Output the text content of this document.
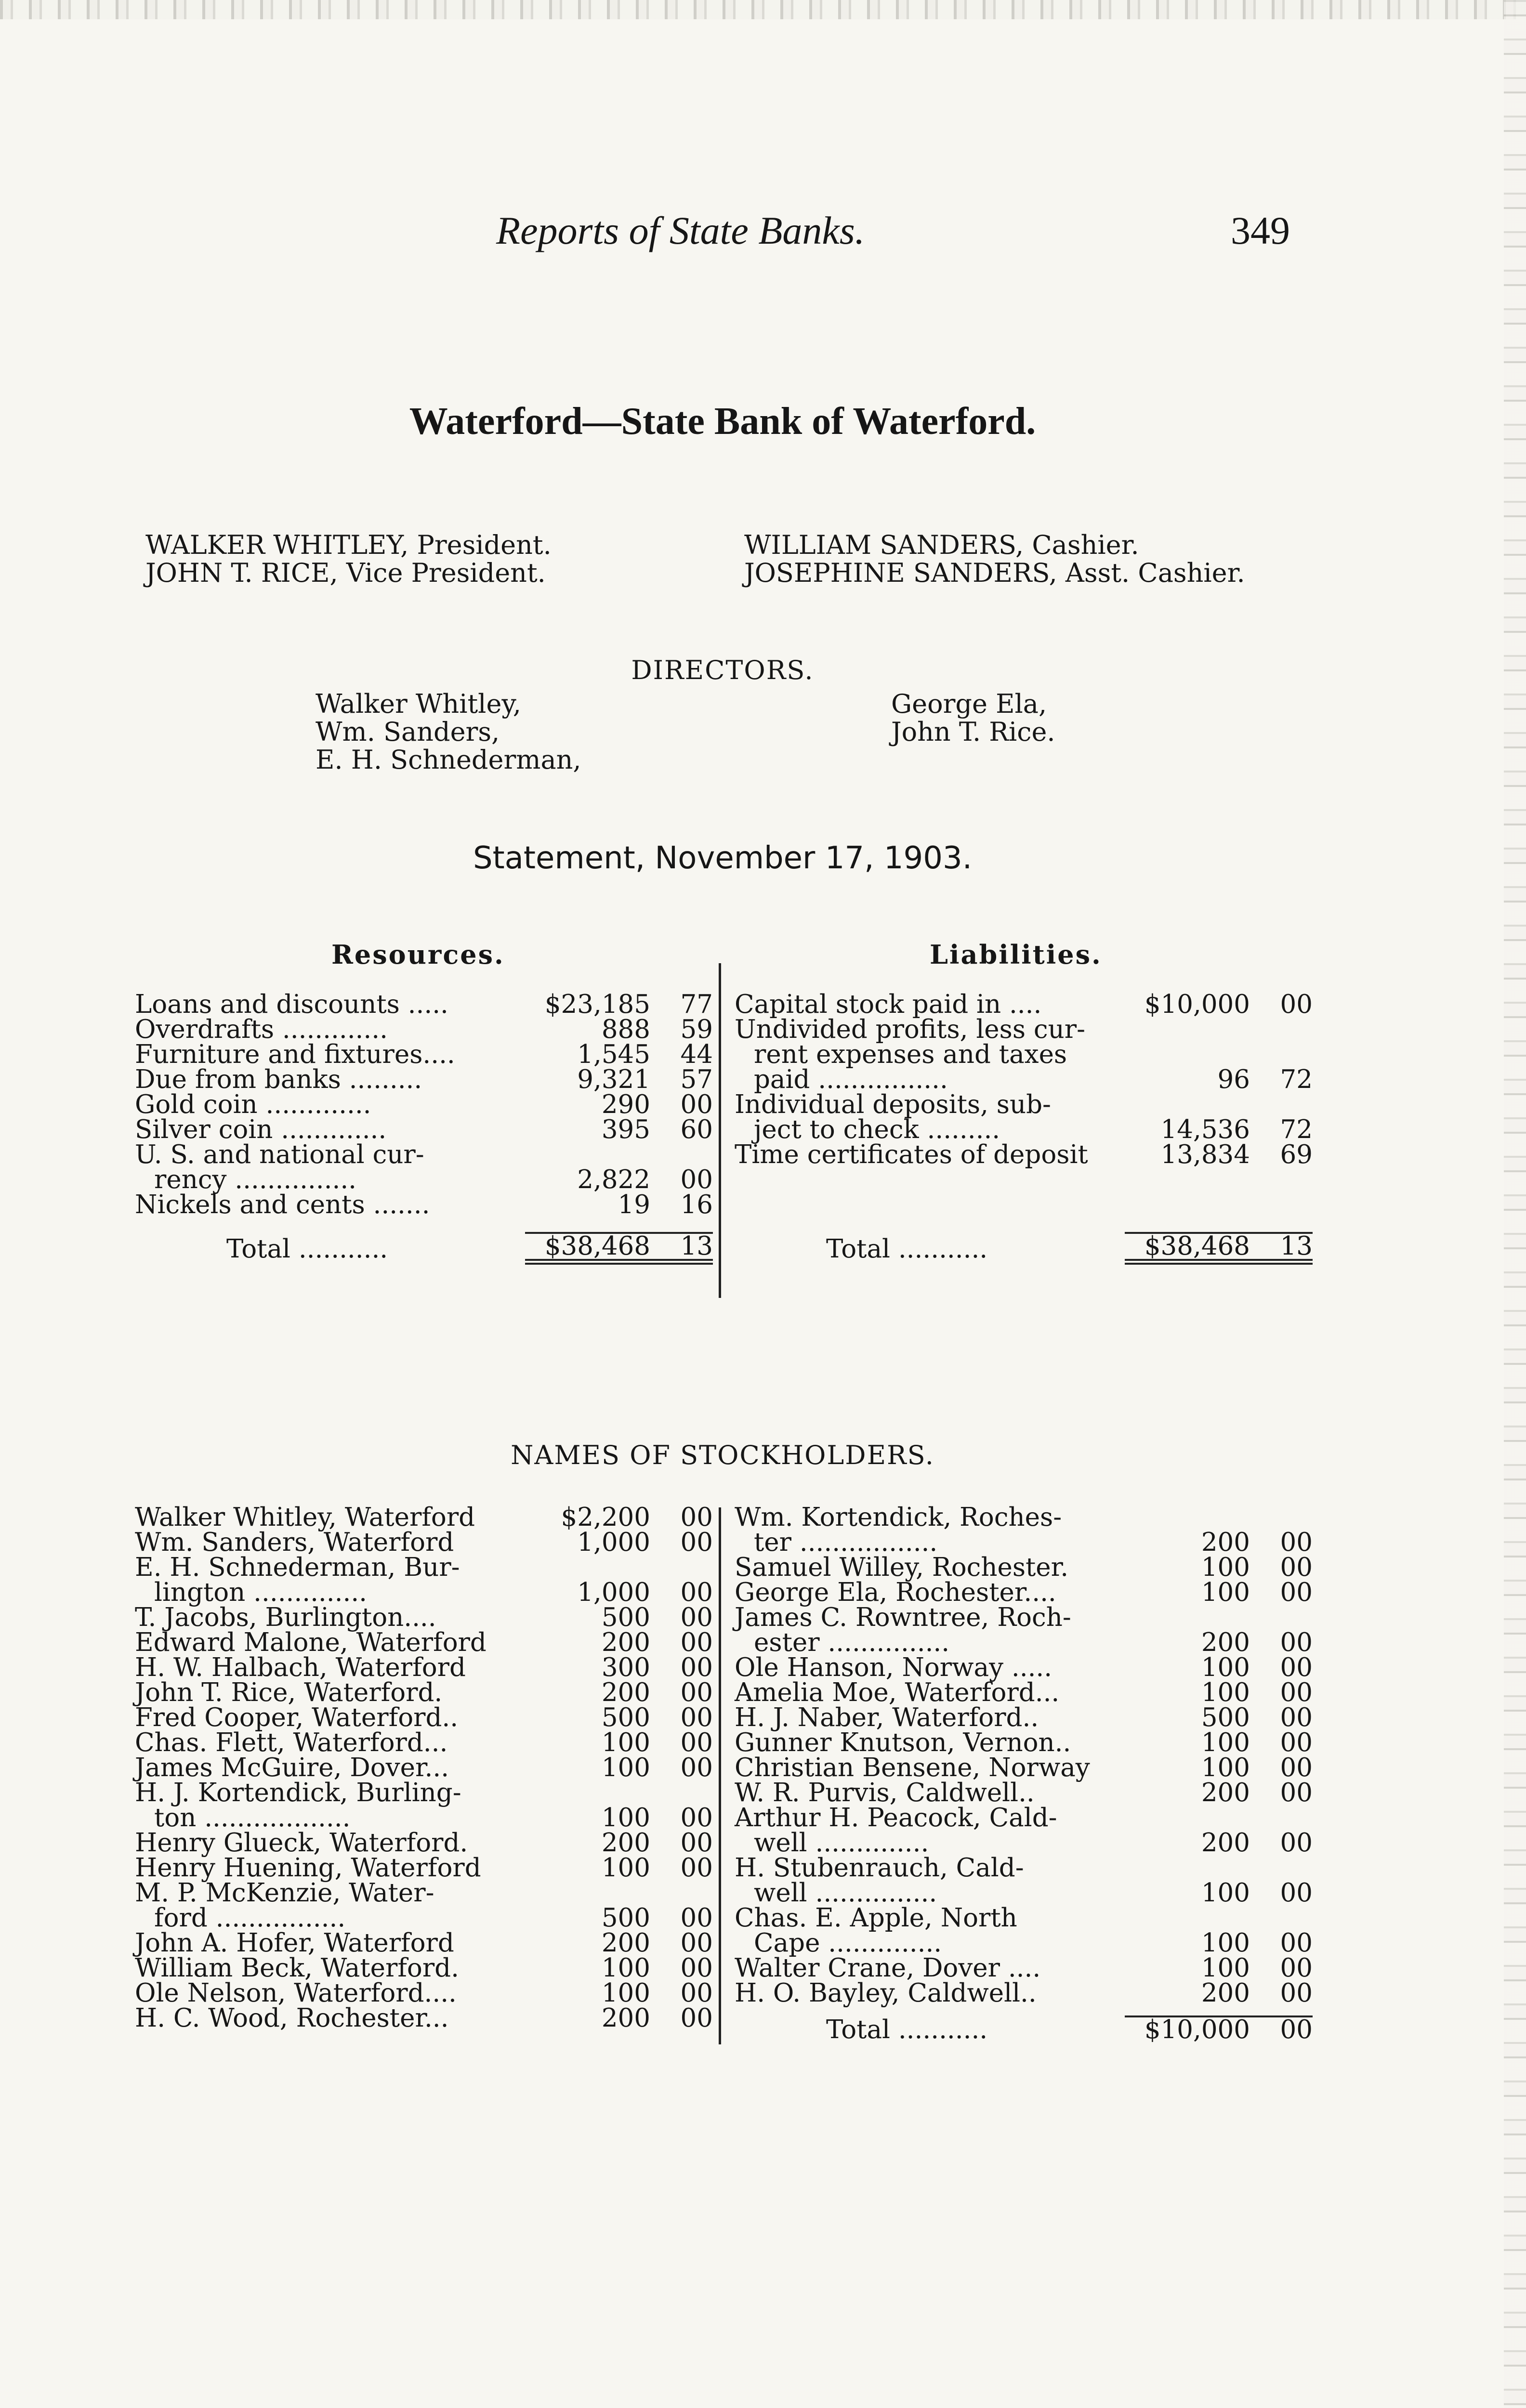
Reports of State Banks.	349
Waterford—State Bank of Waterford.
WALKER WHITLEY, President.
JOHN T. RICE, Vice President.
WILLIAM SANDERS, Cashier.
JOSEPHINE SANDERS, Asst. Cashier.
DIRECTORS.
Walker Whitley,
Wm. Sanders,
E. H. Schnederman,
George Ela,
John T. Rice.
Statement, November 17, 1903.
Resources.	Liabilities.
Loans and discounts .....	$23,185	77
Overdrafts .............	888	59
Furniture and fixtures....	1,545	44
Due from banks .........	9,321	57
Gold coin .............	290	00
Silver coin .............	395	60
U. S. and national cur-		
rency ...............	2,822	00
Nickels and cents .......	19	16

Total ...........	$38,468	13
Capital stock paid in ....	$10,000	00
Undivided profits, less cur-		
rent expenses and taxes		
paid ................	96	72
Individual deposits, sub-		
ject to check .........	14,536	72
Time certificates of deposit	13,834	69

Total ...........	$38,468	13
NAMES OF STOCKHOLDERS.
Walker Whitley, Waterford	$2,200	00
Wm. Sanders, Waterford	1,000	00
E. H. Schnederman, Bur-		
lington ..............	1,000	00
T. Jacobs, Burlington....	500	00
Edward Malone, Waterford	200	00
H. W. Halbach, Waterford	300	00
John T. Rice, Waterford.	200	00
Fred Cooper, Waterford..	500	00
Chas. Flett, Waterford...	100	00
James McGuire, Dover...	100	00
H. J. Kortendick, Burling-		
ton ..................	100	00
Henry Glueck, Waterford.	200	00
Henry Huening, Waterford	100	00
M. P. McKenzie, Water-		
ford ................	500	00
John A. Hofer, Waterford	200	00
William Beck, Waterford.	100	00
Ole Nelson, Waterford....	100	00
H. C. Wood, Rochester...	200	00
Wm. Kortendick, Roches-		
ter .................	200	00
Samuel Willey, Rochester.	100	00
George Ela, Rochester....	100	00
James C. Rowntree, Roch-		
ester ...............	200	00
Ole Hanson, Norway .....	100	00
Amelia Moe, Waterford...	100	00
H. J. Naber, Waterford..	500	00
Gunner Knutson, Vernon..	100	00
Christian Bensene, Norway	100	00
W. R. Purvis, Caldwell..	200	00
Arthur H. Peacock, Cald-		
well ..............	200	00
H. Stubenrauch, Cald-		
well ...............	100	00
Chas. E. Apple, North		
Cape ..............	100	00
Walter Crane, Dover ....	100	00
H. O. Bayley, Caldwell..	200	00

Total ...........	$10,000	00
